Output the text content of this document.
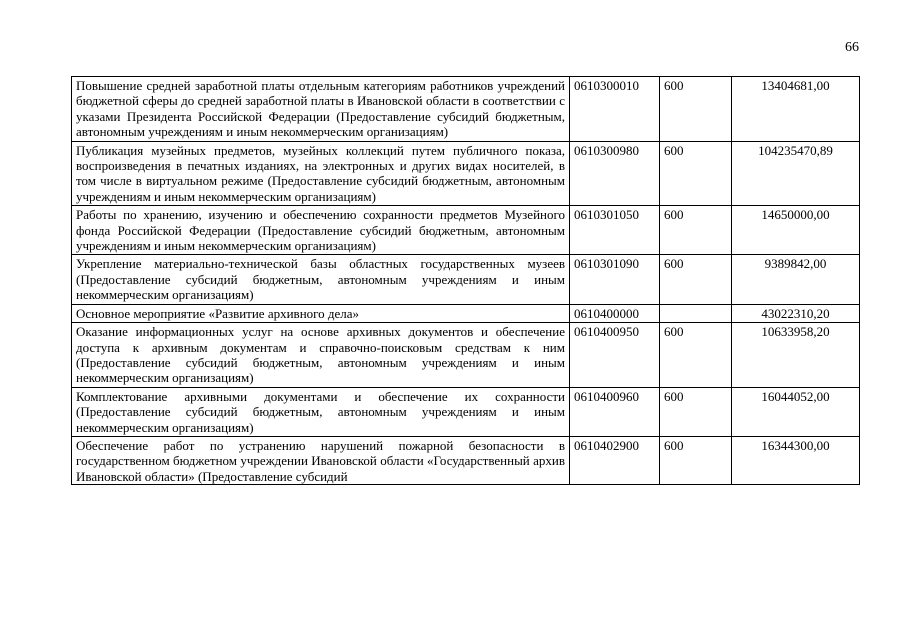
66
Повышение средней заработной платы отдельным категориям работников учреждений бюджетной сферы до средней заработной платы в Ивановской области в соответствии с указами Президента Российской Федерации (Предоставление субсидий бюджетным, автономным учреждениям и иным некоммерческим организациям)	0610300010	600	13404681,00
Публикация музейных предметов, музейных коллекций путем публичного показа, воспроизведения в печатных изданиях, на электронных и других видах носителей, в том числе в виртуальном режиме (Предоставление субсидий бюджетным, автономным учреждениям и иным некоммерческим организациям)	0610300980	600	104235470,89
Работы по хранению, изучению и обеспечению сохранности предметов Музейного фонда Российской Федерации (Предоставление субсидий бюджетным, автономным учреждениям и иным некоммерческим организациям)	0610301050	600	14650000,00
Укрепление материально-технической базы областных государственных музеев (Предоставление субсидий бюджетным, автономным учреждениям и иным некоммерческим организациям)	0610301090	600	9389842,00
Основное мероприятие «Развитие архивного дела»	0610400000		43022310,20
Оказание информационных услуг на основе архивных документов и обеспечение доступа к архивным документам и справочно-поисковым средствам к ним (Предоставление субсидий бюджетным, автономным учреждениям и иным некоммерческим организациям)	0610400950	600	10633958,20
Комплектование архивными документами и обеспечение их сохранности (Предоставление субсидий бюджетным, автономным учреждениям и иным некоммерческим организациям)	0610400960	600	16044052,00
Обеспечение работ по устранению нарушений пожарной безопасности в государственном бюджетном учреждении Ивановской области «Государственный архив Ивановской области» (Предоставление субсидий	0610402900	600	16344300,00
